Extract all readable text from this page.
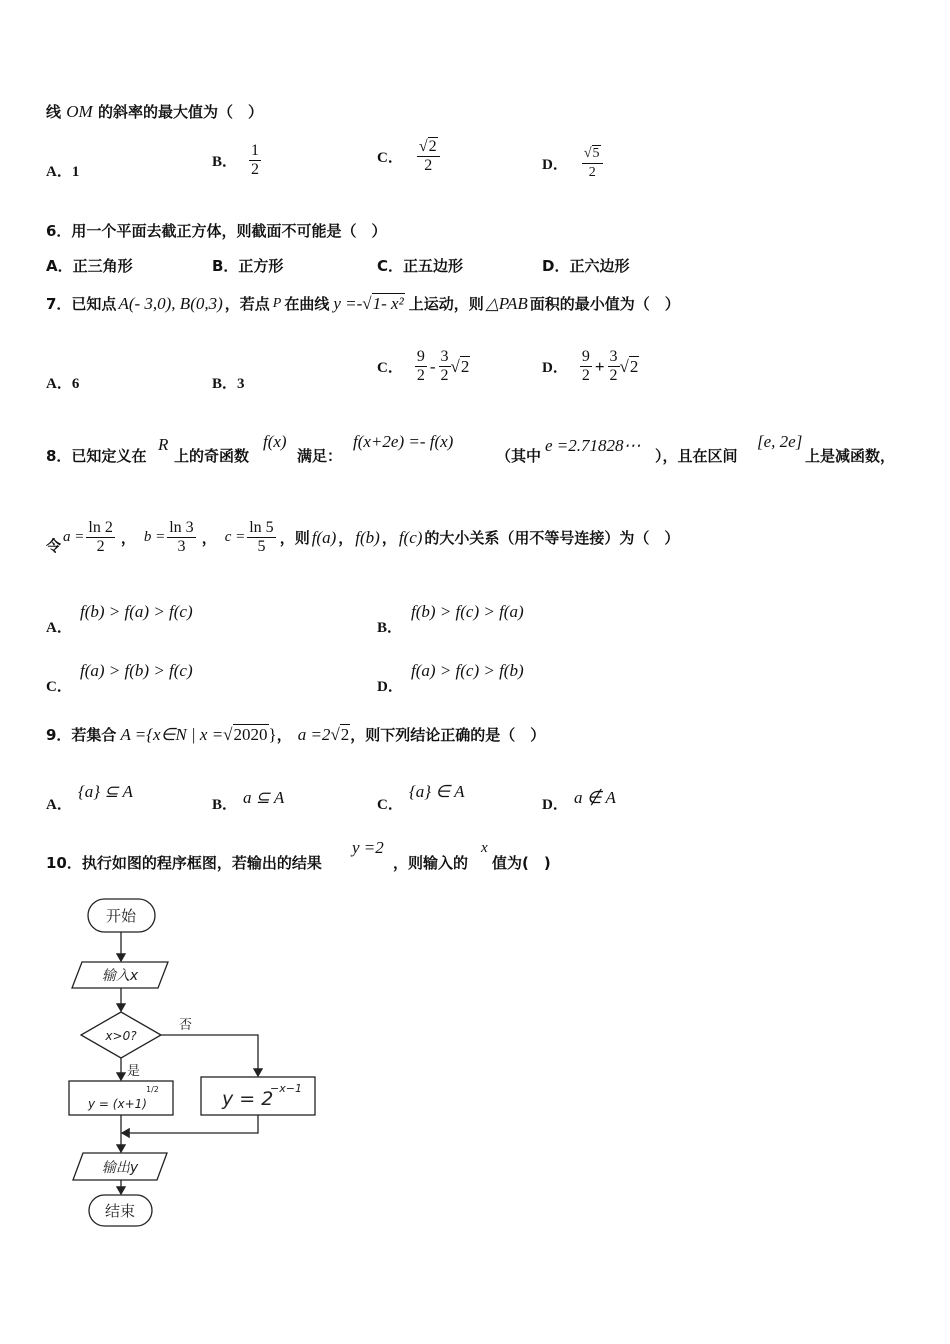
线 OM 的斜率的最大值为（　）
A．1
B． $\frac{1}{2}$	C． $\frac{√2}{2}$	D． $\frac{√5}{2}$
6．用一个平面去截正方体，则截面不可能是（　）
A．正三角形	B．正方形	C．正五边形	D．正六边形
7．已知点 A(- 3,0), B(0,3) ，若点 P 在曲线 y =- √1- x² 上运动，则 △PAB 面积的最小值为（　）
A．6	B．3
C． $\frac{9}{2} - \frac{3}{2} √2$	D． $\frac{9}{2} + \frac{3}{2} √2$
8．已知定义在
R
上的奇函数
f(x)
满足：
f(x+2e) =- f(x)
（其中
e =2.71828⋯
），且在区间
[e, 2e]
上是减函数，
令 $a = \frac{\ln 2}{2}$ ， $b = \frac{\ln 3}{3}$ ， $c = \frac{\ln 5}{5}$ ，则 f(a) ， f(b) ， f(c) 的大小关系（用不等号连接）为（　）
A．
f(b) > f(a) > f(c)
B．
f(b) > f(c) > f(a)
C．
f(a) > f(b) > f(c)
D．
f(a) > f(c) > f(b)
9．若集合 A ={x∈N | x = √2020 } ， a =2 √2 ，则下列结论正确的是（　）
A．
{a} ⊆ A
B． a ⊆ A	C．
{a} ∈ A
D． a ∉ A
10．执行如图的程序框图，若输出的结果
y =2
，则输入的
x
值为(　)
开始
输入x
x>0?
否
是
y = (x+1)
1/2	y = 2
−x−1
输出y
结束
